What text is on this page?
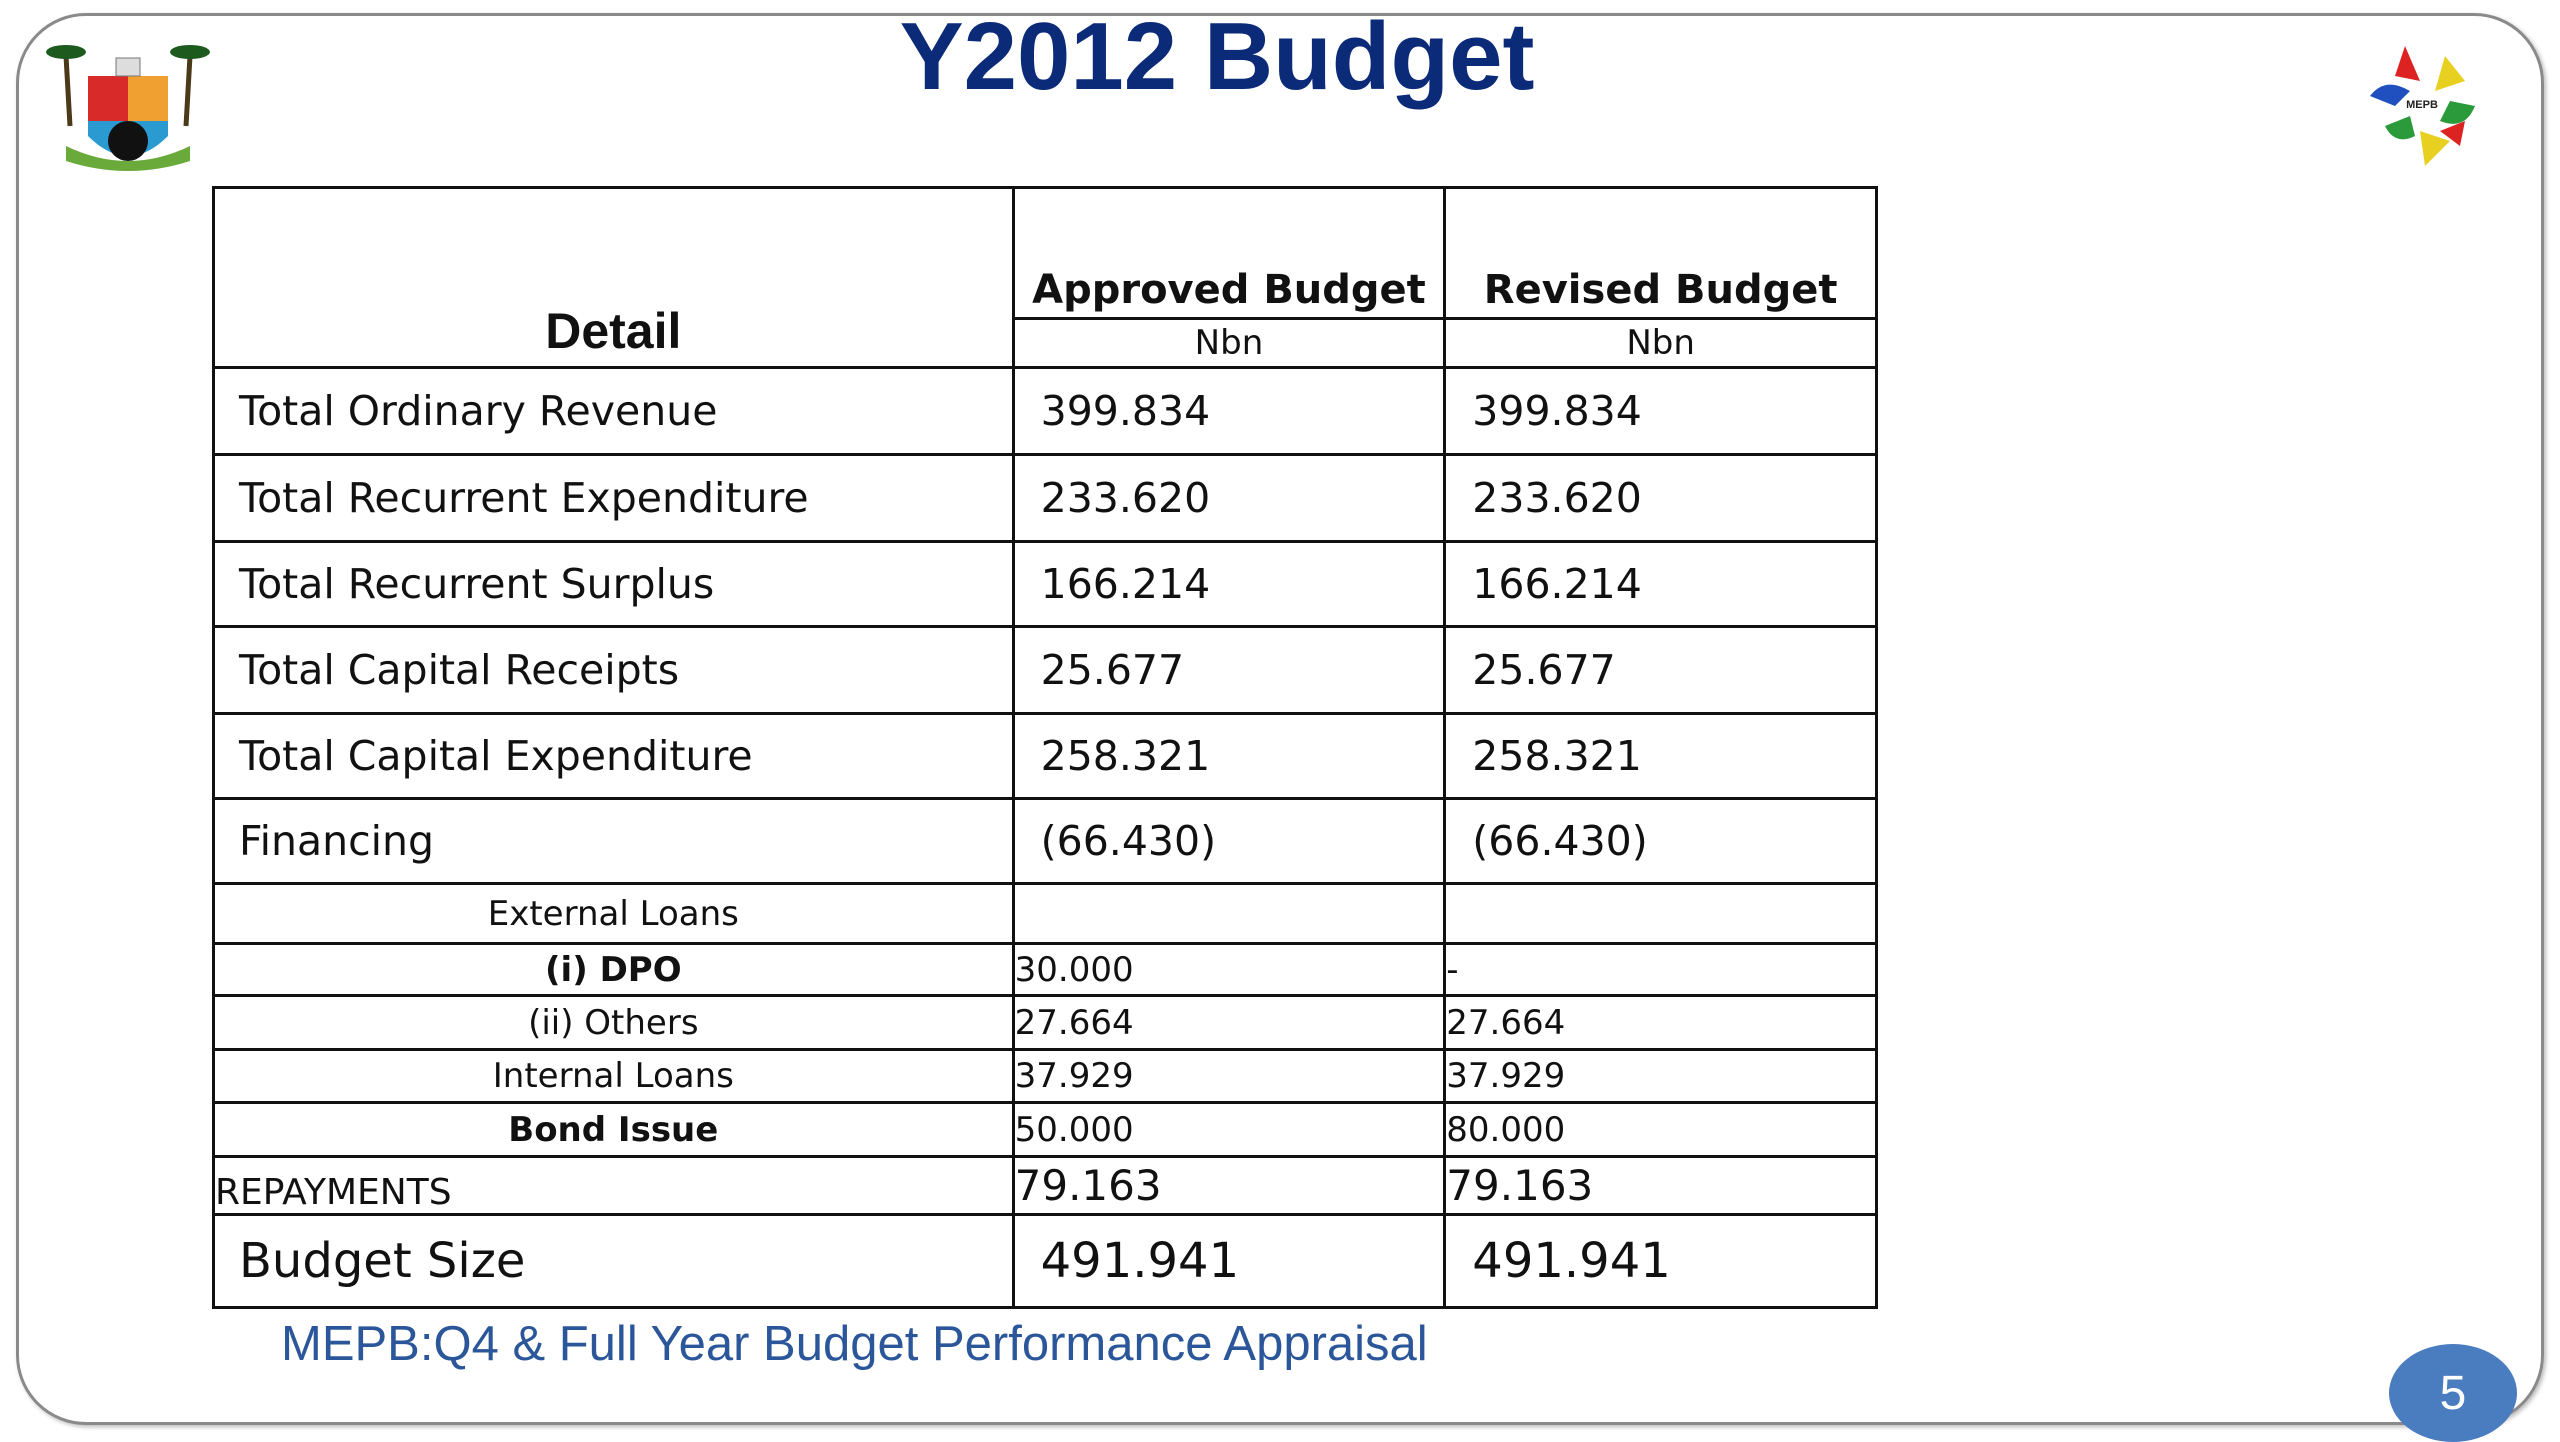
Y2012 Budget	MEPB
Detail	Approved Budget	Revised Budget
	Nbn	Nbn
Total Ordinary Revenue	399.834	399.834
Total Recurrent Expenditure	233.620	233.620
Total Recurrent Surplus	166.214	166.214
Total Capital Receipts	25.677	25.677
Total Capital Expenditure	258.321	258.321
Financing	(66.430)	(66.430)
External Loans		
(i) DPO	30.000	-
(ii) Others	27.664	27.664
Internal Loans	37.929	37.929
Bond Issue	50.000	80.000
REPAYMENTS	79.163	79.163
Budget Size	491.941	491.941
MEPB:Q4 & Full Year Budget Performance Appraisal
5
